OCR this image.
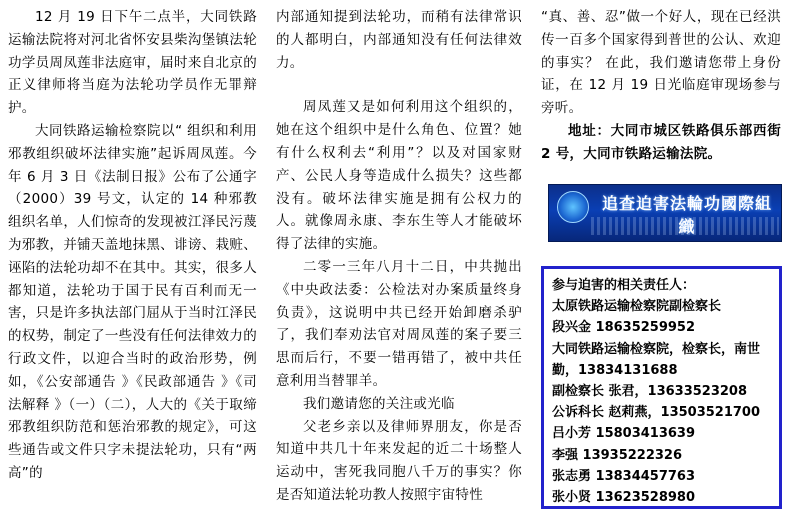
12 月 19 日下午二点半，大同铁路运输法院将对河北省怀安县柴沟堡镇法轮功学员周凤莲非法庭审，届时来自北京的正义律师将当庭为法轮功学员作无罪辩护。

大同铁路运输检察院以“ 组织和利用邪教组织破坏法律实施”起诉周凤莲。今年 6 月 3 日《法制日报》公布了公通字（2000）39 号文，认定的 14 种邪教组织名单，人们惊奇的发现被江泽民污蔑为邪教，并铺天盖地抹黑、诽谤、栽赃、诬陷的法轮功却不在其中。其实，很多人都知道，法轮功于国于民有百利而无一害，只是许多执法部门屈从于当时江泽民的权势，制定了一些没有任何法律效力的行政文件，以迎合当时的政治形势，例如，《公安部通告 》《民政部通告 》《司法解释 》（一）（二），人大的《关于取缔邪教组织防范和惩治邪教的规定》，可这些通告或文件只字未提法轮功，只有“两高”的

内部通知提到法轮功，而稍有法律常识的人都明白，内部通知没有任何法律效力。

周凤莲又是如何利用这个组织的，她在这个组织中是什么角色、位置？她有什么权利去“利用”？以及对国家财产、公民人身等造成什么损失？这些都没有。破坏法律实施是拥有公权力的人。就像周永康、李东生等人才能破坏得了法律的实施。

二零一三年八月十二日，中共抛出《中央政法委：公检法对办案质量终身负责》，这说明中共已经开始卸磨杀驴了，我们奉劝法官对周凤莲的案子要三思而后行，不要一错再错了，被中共任意利用当替罪羊。

我们邀请您的关注或光临

父老乡亲以及律师界朋友，你是否知道中共几十年来发起的近二十场整人运动中，害死我同胞八千万的事实？你是否知道法轮功教人按照宇宙特性

“真、善、忍”做一个好人，现在已经洪传一百多个国家得到普世的公认、欢迎的事实？ 在此，我们邀请您带上身份证，在 12 月 19 日光临庭审现场参与旁听。

地址：大同市城区铁路俱乐部西街 2 号，大同市铁路运输法院。

追查迫害法輪功國際組織
参与迫害的相关责任人：
太原铁路运输检察院副检察长
段兴金 18635259952
大同铁路运输检察院，检察长，南世勤，13834131688
副检察长 张君，13633523208
公诉科长 赵莉燕，13503521700
吕小芳 15803413639
李强 13935222326
张志勇 13834457763
张小贤 13623528980
